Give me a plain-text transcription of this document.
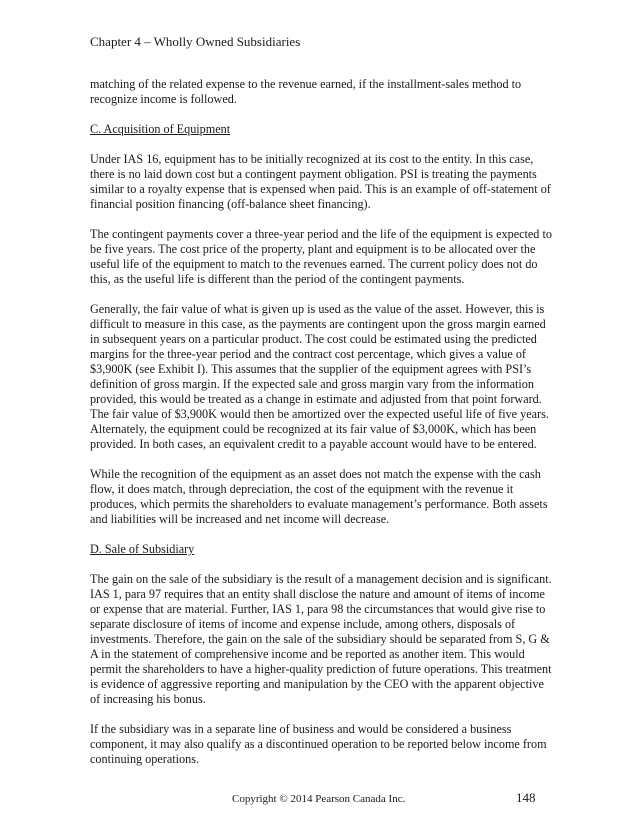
Chapter 4 – Wholly Owned Subsidiaries

matching of the related expense to the revenue earned, if the installment-sales method to recognize income is followed.

C. Acquisition of Equipment

Under IAS 16, equipment has to be initially recognized at its cost to the entity. In this case, there is no laid down cost but a contingent payment obligation. PSI is treating the payments similar to a royalty expense that is expensed when paid. This is an example of off-statement of financial position financing (off-balance sheet financing).

The contingent payments cover a three-year period and the life of the equipment is expected to be five years. The cost price of the property, plant and equipment is to be allocated over the useful life of the equipment to match to the revenues earned. The current policy does not do this, as the useful life is different than the period of the contingent payments.

Generally, the fair value of what is given up is used as the value of the asset. However, this is difficult to measure in this case, as the payments are contingent upon the gross margin earned in subsequent years on a particular product. The cost could be estimated using the predicted margins for the three-year period and the contract cost percentage, which gives a value of $3,900K (see Exhibit I). This assumes that the supplier of the equipment agrees with PSI’s definition of gross margin. If the expected sale and gross margin vary from the information provided, this would be treated as a change in estimate and adjusted from that point forward. The fair value of $3,900K would then be amortized over the expected useful life of five years. Alternately, the equipment could be recognized at its fair value of $3,000K, which has been provided. In both cases, an equivalent credit to a payable account would have to be entered.

While the recognition of the equipment as an asset does not match the expense with the cash flow, it does match, through depreciation, the cost of the equipment with the revenue it produces, which permits the shareholders to evaluate management’s performance. Both assets and liabilities will be increased and net income will decrease.

D. Sale of Subsidiary

The gain on the sale of the subsidiary is the result of a management decision and is significant. IAS 1, para 97 requires that an entity shall disclose the nature and amount of items of income or expense that are material. Further, IAS 1, para 98 the circumstances that would give rise to separate disclosure of items of income and expense include, among others, disposals of investments. Therefore, the gain on the sale of the subsidiary should be separated from S, G & A in the statement of comprehensive income and be reported as another item. This would permit the shareholders to have a higher-quality prediction of future operations. This treatment is evidence of aggressive reporting and manipulation by the CEO with the apparent objective of increasing his bonus.

If the subsidiary was in a separate line of business and would be considered a business component, it may also qualify as a discontinued operation to be reported below income from continuing operations.

Copyright © 2014 Pearson Canada Inc.	148
